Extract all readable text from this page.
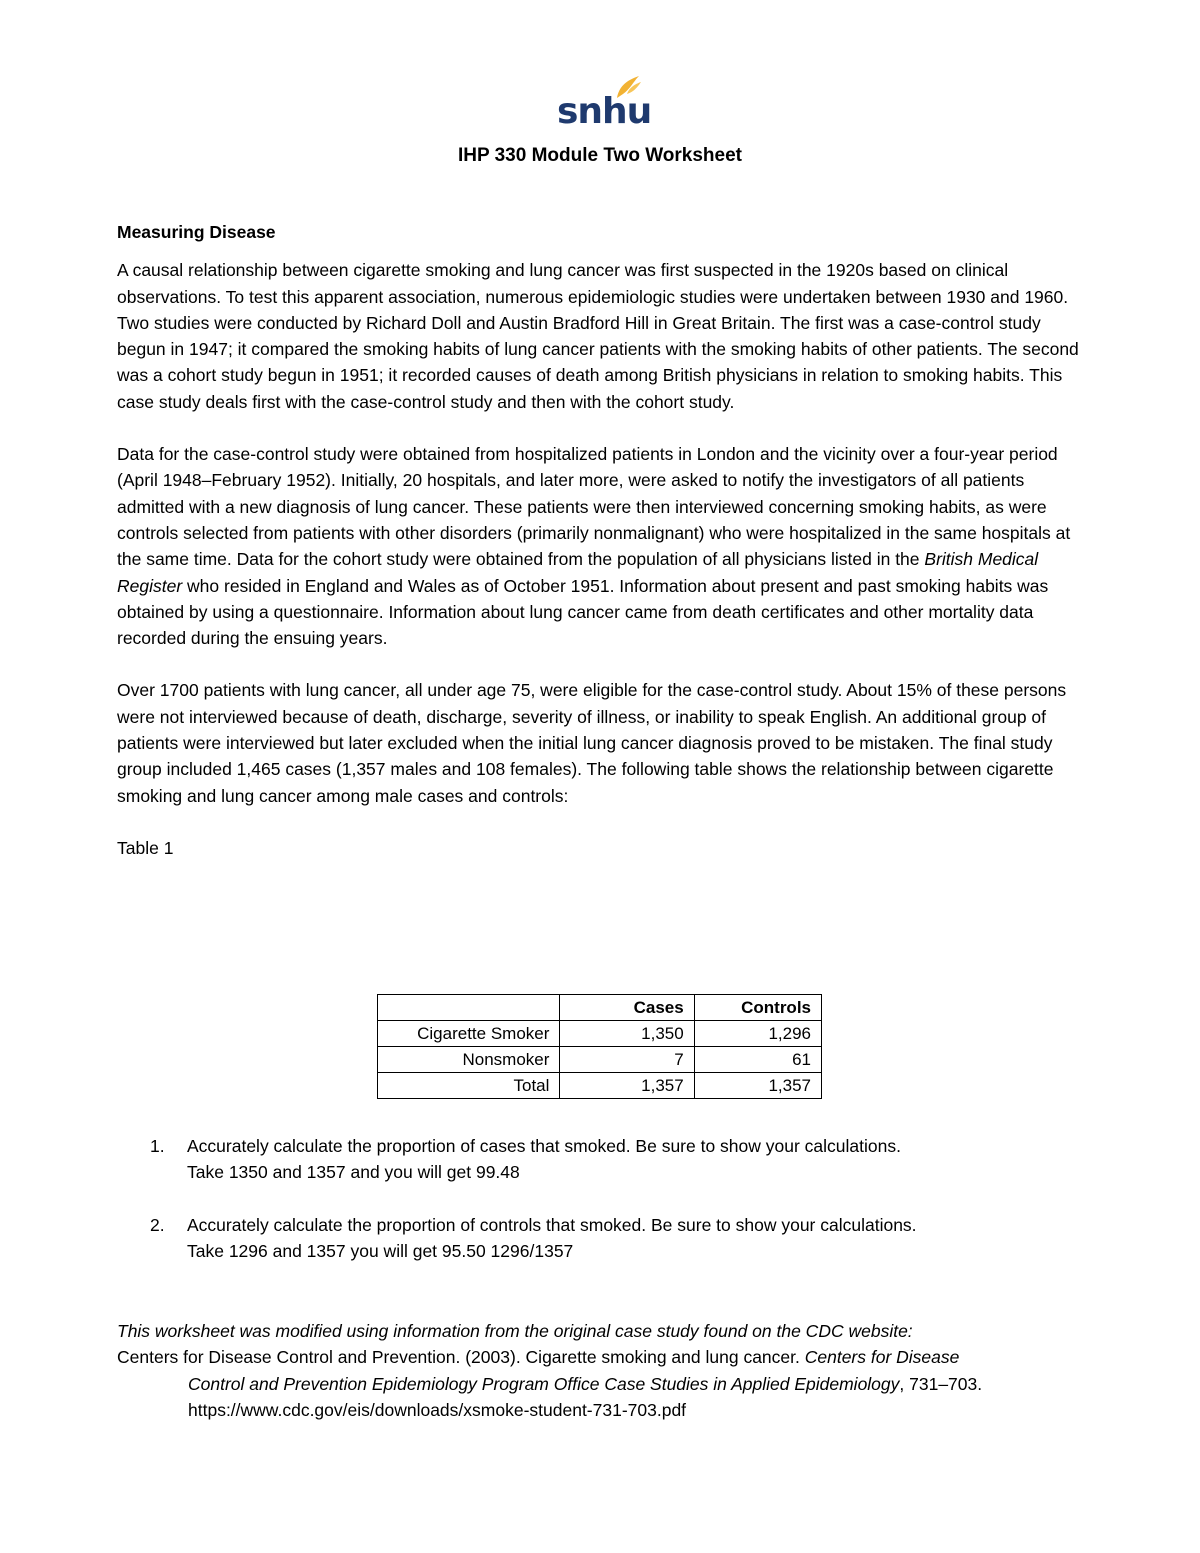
snhu
IHP 330 Module Two Worksheet

Measuring Disease

A causal relationship between cigarette smoking and lung cancer was first suspected in the 1920s based on clinical observations. To test this apparent association, numerous epidemiologic studies were undertaken between 1930 and 1960. Two studies were conducted by Richard Doll and Austin Bradford Hill in Great Britain. The first was a case-control study begun in 1947; it compared the smoking habits of lung cancer patients with the smoking habits of other patients. The second was a cohort study begun in 1951; it recorded causes of death among British physicians in relation to smoking habits. This case study deals first with the case-control study and then with the cohort study.

Data for the case-control study were obtained from hospitalized patients in London and the vicinity over a four-year period (April 1948–February 1952). Initially, 20 hospitals, and later more, were asked to notify the investigators of all patients admitted with a new diagnosis of lung cancer. These patients were then interviewed concerning smoking habits, as were controls selected from patients with other disorders (primarily nonmalignant) who were hospitalized in the same hospitals at the same time. Data for the cohort study were obtained from the population of all physicians listed in the British Medical Register who resided in England and Wales as of October 1951. Information about present and past smoking habits was obtained by using a questionnaire. Information about lung cancer came from death certificates and other mortality data recorded during the ensuing years.

Over 1700 patients with lung cancer, all under age 75, were eligible for the case-control study. About 15% of these persons were not interviewed because of death, discharge, severity of illness, or inability to speak English. An additional group of patients were interviewed but later excluded when the initial lung cancer diagnosis proved to be mistaken. The final study group included 1,465 cases (1,357 males and 108 females). The following table shows the relationship between cigarette smoking and lung cancer among male cases and controls:

Table 1

	Cases	Controls
Cigarette Smoker	1,350	1,296
Nonsmoker	7	61
Total	1,357	1,357
1. Accurately calculate the proportion of cases that smoked. Be sure to show your calculations.
Take 1350 and 1357 and you will get 99.48
2. Accurately calculate the proportion of controls that smoked. Be sure to show your calculations.
Take 1296 and 1357 you will get 95.50 1296/1357
This worksheet was modified using information from the original case study found on the CDC website:
Centers for Disease Control and Prevention. (2003). Cigarette smoking and lung cancer. Centers for Disease
Control and Prevention Epidemiology Program Office Case Studies in Applied Epidemiology, 731–703.
https://www.cdc.gov/eis/downloads/xsmoke-student-731-703.pdf
